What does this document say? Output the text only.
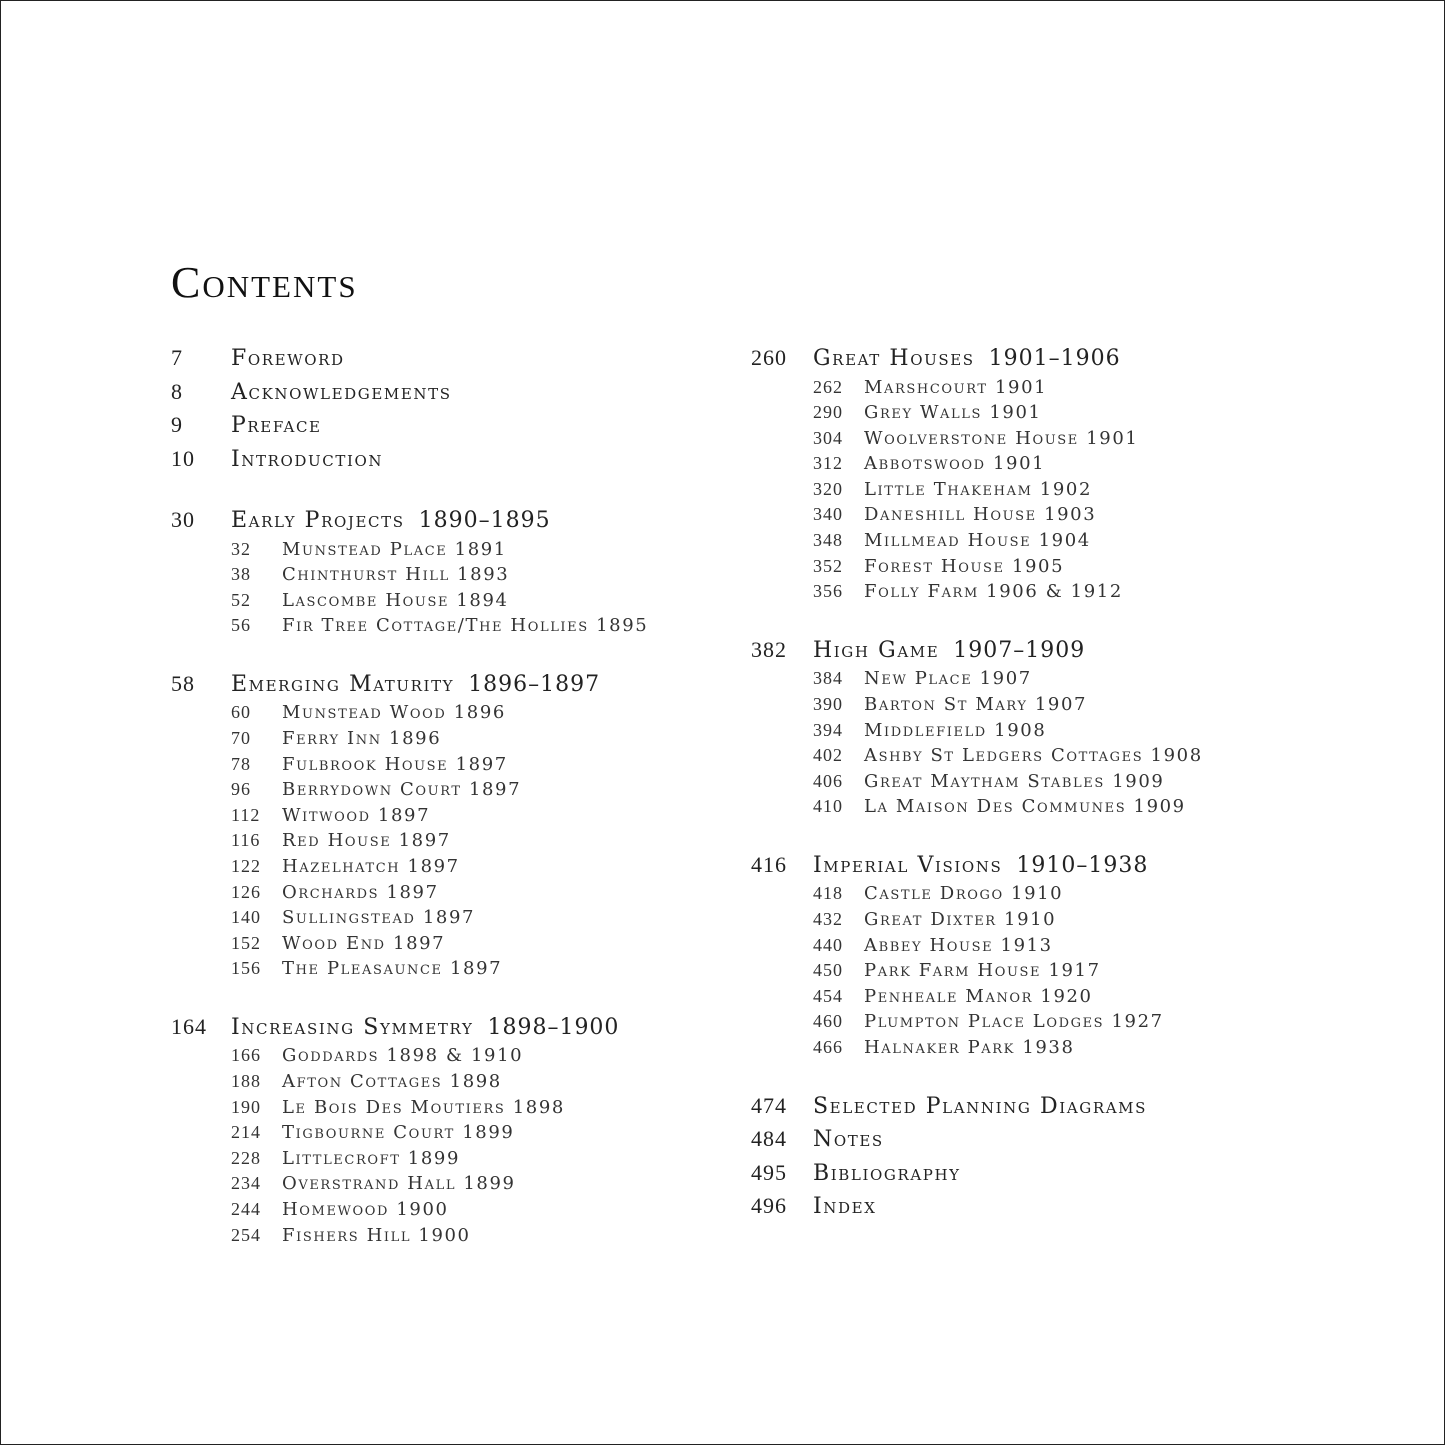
Contents
7	Foreword
8	Acknowledgements
9	Preface
10	Introduction
30	Early Projects 1890–1895
32	Munstead Place 1891
38	Chinthurst Hill 1893
52	Lascombe House 1894
56	Fir Tree Cottage/The Hollies 1895
58	Emerging Maturity 1896–1897
60	Munstead Wood 1896
70	Ferry Inn 1896
78	Fulbrook House 1897
96	Berrydown Court 1897
112	Witwood 1897
116	Red House 1897
122	Hazelhatch 1897
126	Orchards 1897
140	Sullingstead 1897
152	Wood End 1897
156	The Pleasaunce 1897
164	Increasing Symmetry 1898–1900
166	Goddards 1898 & 1910
188	Afton Cottages 1898
190	Le Bois Des Moutiers 1898
214	Tigbourne Court 1899
228	Littlecroft 1899
234	Overstrand Hall 1899
244	Homewood 1900
254	Fishers Hill 1900
260	Great Houses 1901–1906
262	Marshcourt 1901
290	Grey Walls 1901
304	Woolverstone House 1901
312	Abbotswood 1901
320	Little Thakeham 1902
340	Daneshill House 1903
348	Millmead House 1904
352	Forest House 1905
356	Folly Farm 1906 & 1912
382	High Game 1907–1909
384	New Place 1907
390	Barton St Mary 1907
394	Middlefield 1908
402	Ashby St Ledgers Cottages 1908
406	Great Maytham Stables 1909
410	La Maison Des Communes 1909
416	Imperial Visions 1910–1938
418	Castle Drogo 1910
432	Great Dixter 1910
440	Abbey House 1913
450	Park Farm House 1917
454	Penheale Manor 1920
460	Plumpton Place Lodges 1927
466	Halnaker Park 1938
474	Selected Planning Diagrams
484	Notes
495	Bibliography
496	Index
